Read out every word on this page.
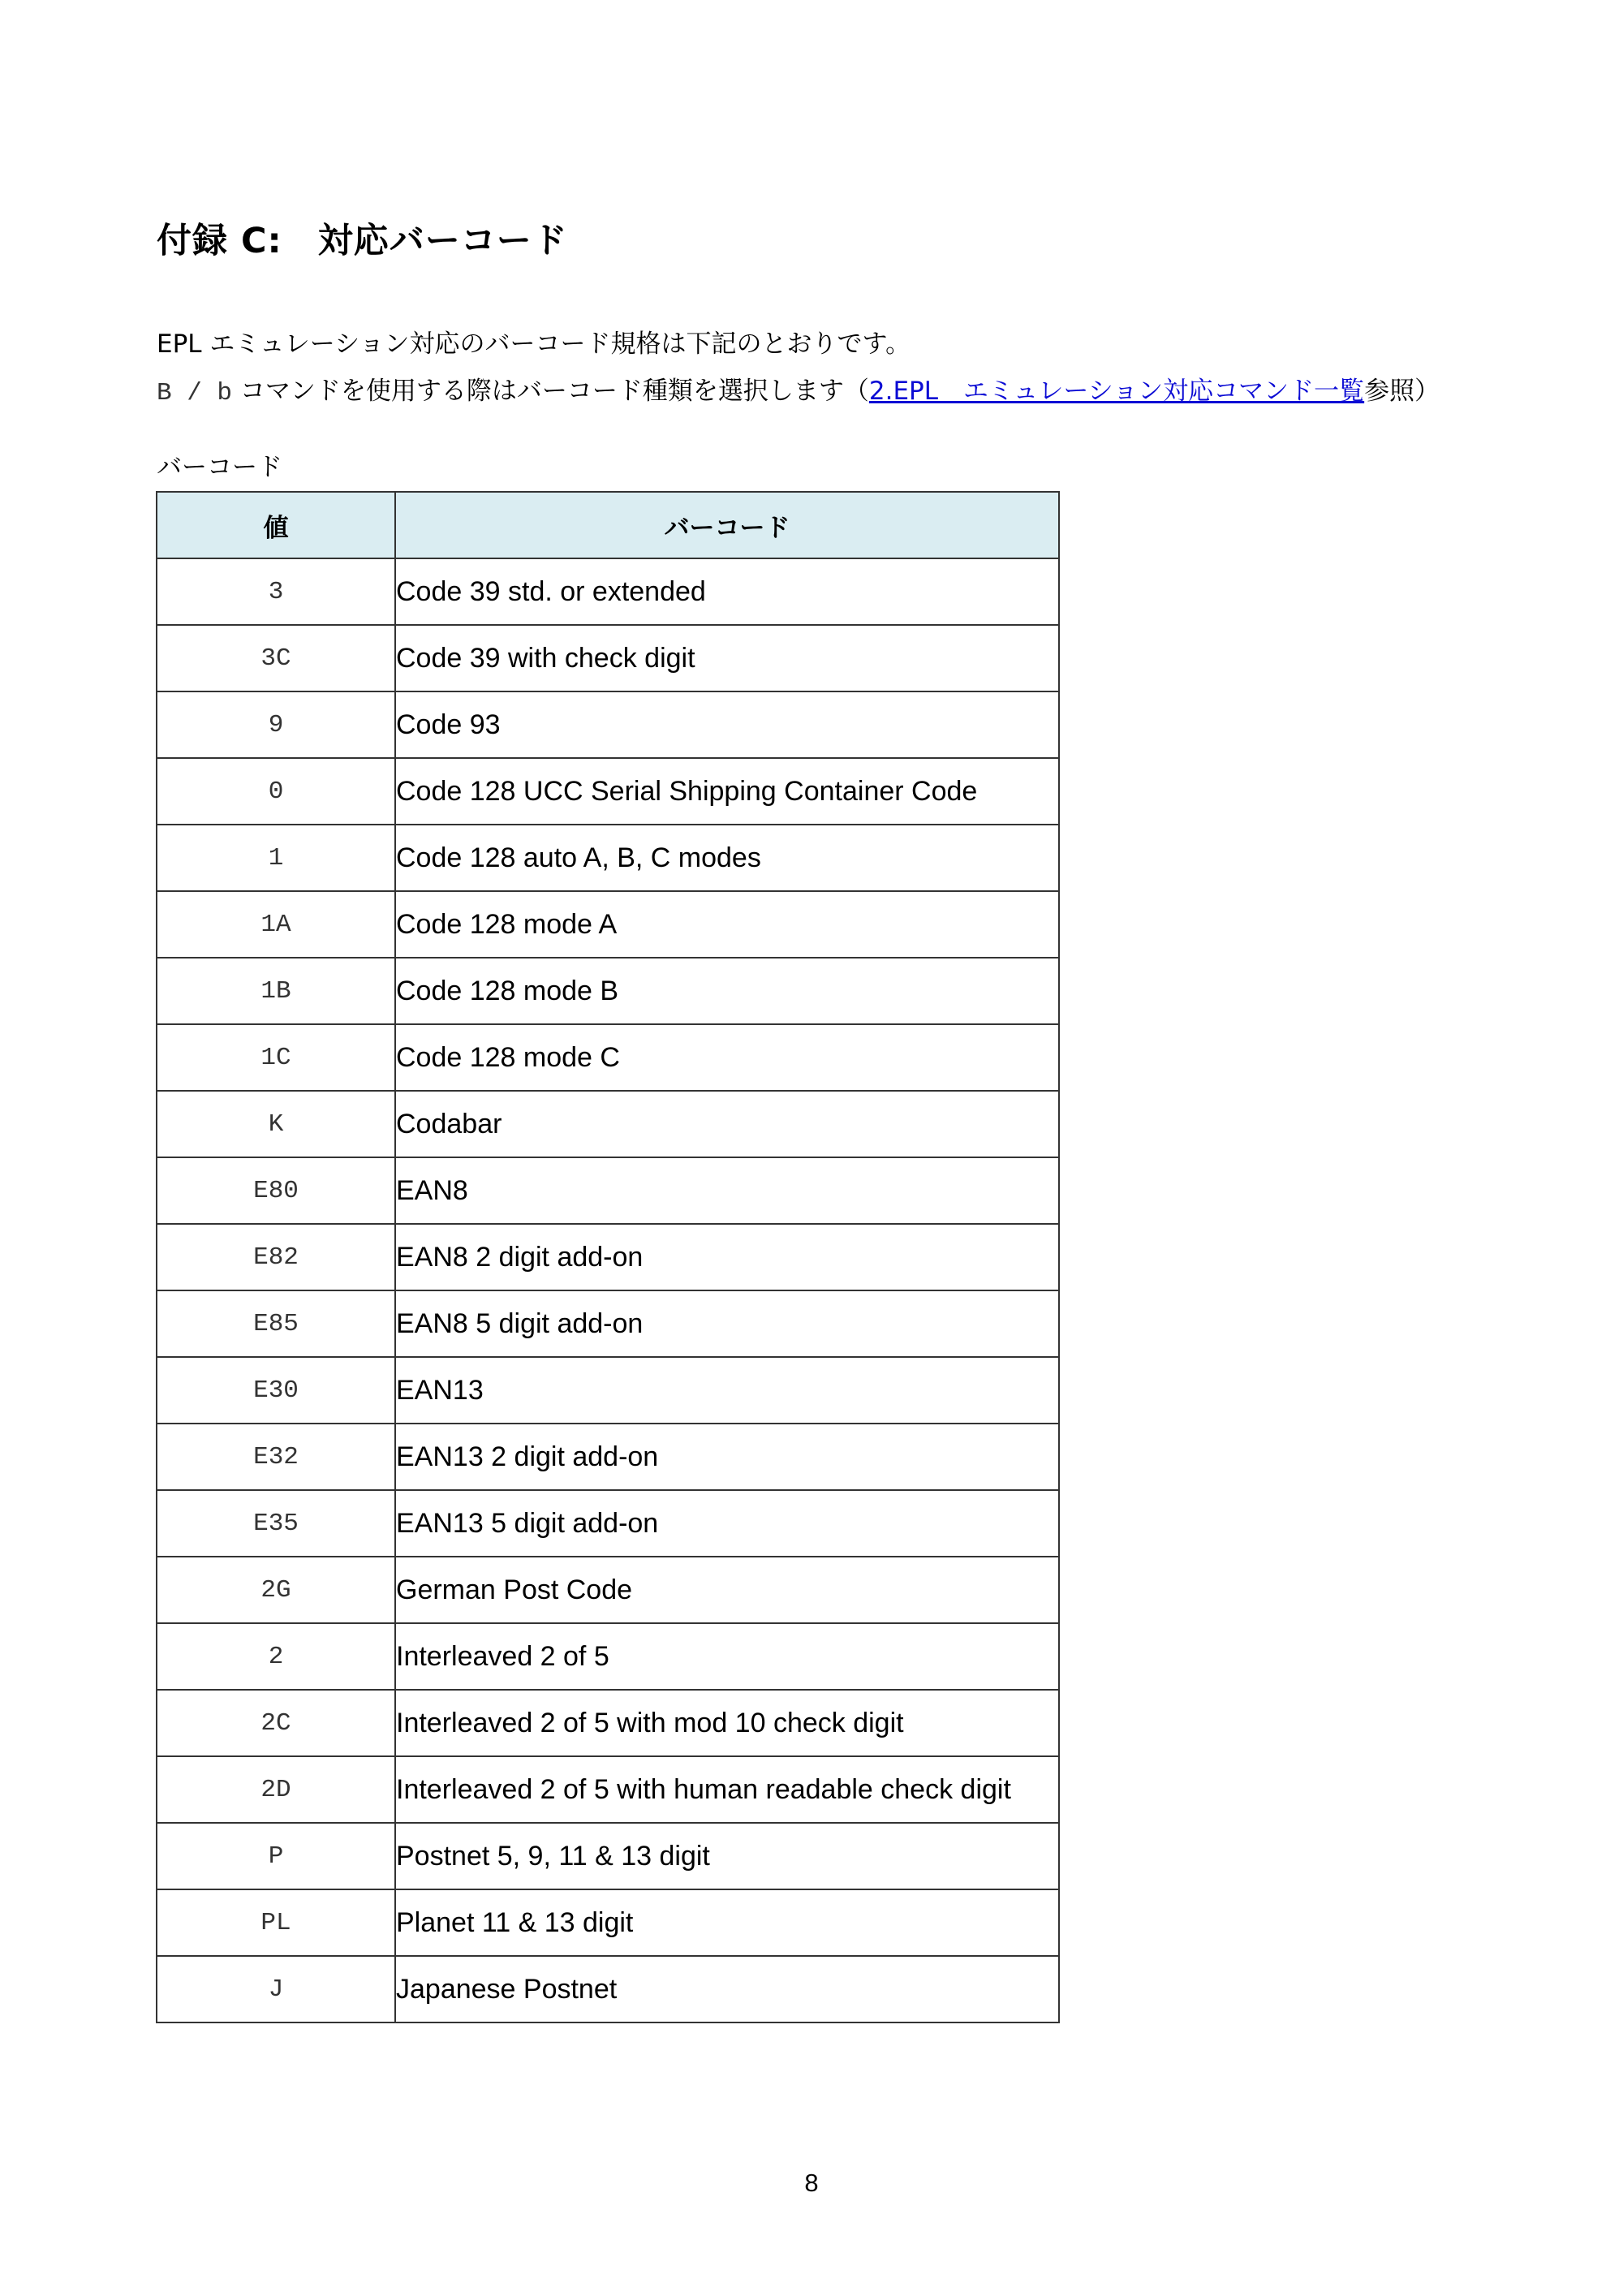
付録 C:　対応バーコード
EPL エミュレーション対応のバーコード規格は下記のとおりです。
B / b コマンドを使用する際はバーコード種類を選択します（2.EPL　エミュレーション対応コマンド一覧参照）
バーコード
値	バーコード
3	Code 39 std. or extended
3C	Code 39 with check digit
9	Code 93
0	Code 128 UCC Serial Shipping Container Code
1	Code 128 auto A, B, C modes
1A	Code 128 mode A
1B	Code 128 mode B
1C	Code 128 mode C
K	Codabar
E80	EAN8
E82	EAN8 2 digit add-on
E85	EAN8 5 digit add-on
E30	EAN13
E32	EAN13 2 digit add-on
E35	EAN13 5 digit add-on
2G	German Post Code
2	Interleaved 2 of 5
2C	Interleaved 2 of 5 with mod 10 check digit
2D	Interleaved 2 of 5 with human readable check digit
P	Postnet 5, 9, 11 & 13 digit
PL	Planet 11 & 13 digit
J	Japanese Postnet
8
